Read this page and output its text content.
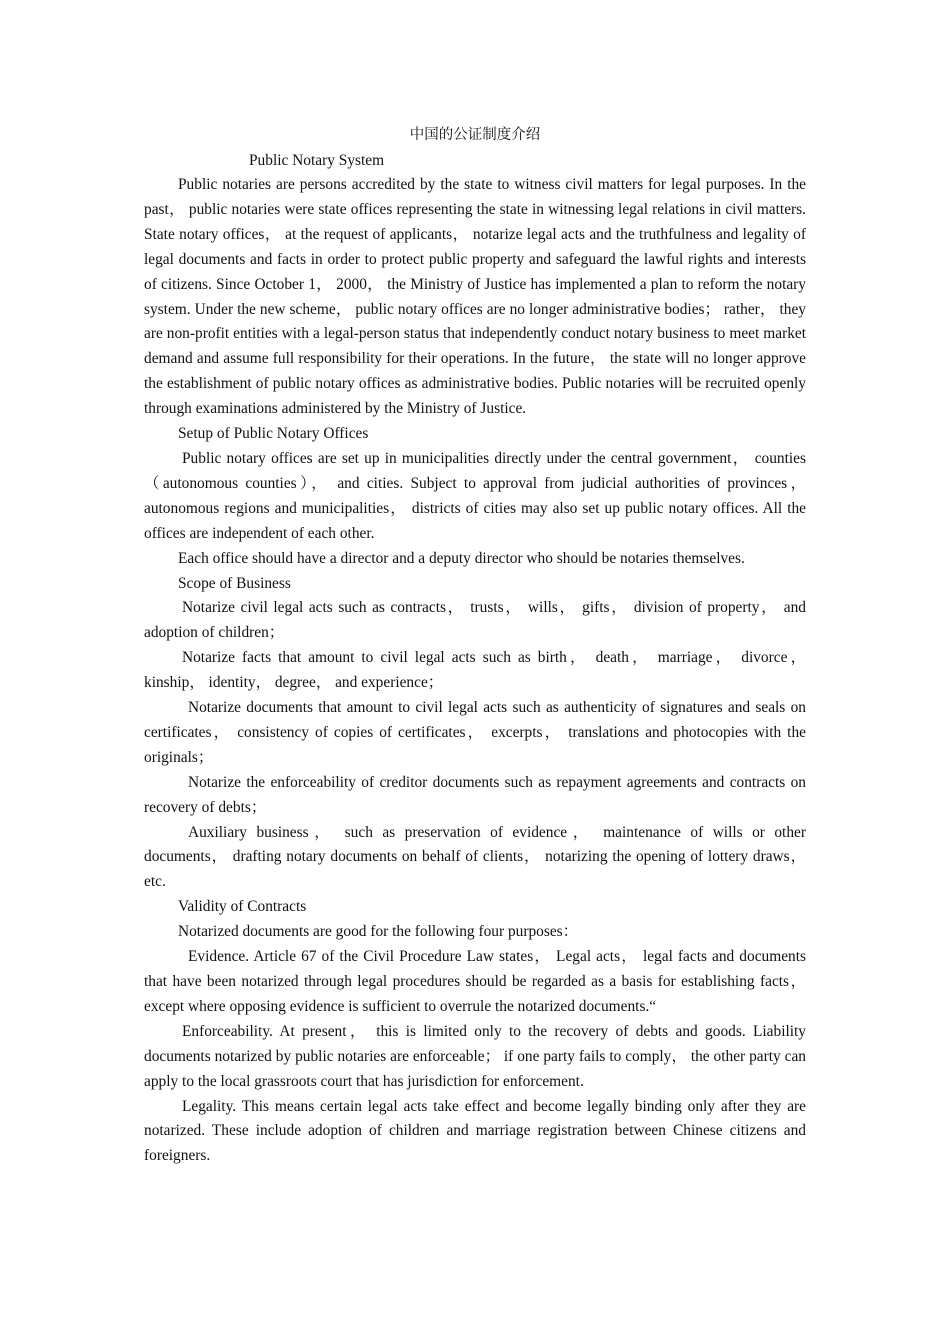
中国的公证制度介绍

Public Notary System

Public notaries are persons accredited by the state to witness civil matters for legal purposes. In the past， public notaries were state offices representing the state in witnessing legal relations in civil matters. State notary offices， at the request of applicants， notarize legal acts and the truthfulness and legality of legal documents and facts in order to protect public property and safeguard the lawful rights and interests of citizens. Since October 1， 2000， the Ministry of Justice has implemented a plan to reform the notary system. Under the new scheme， public notary offices are no longer administrative bodies； rather， they are non-profit entities with a legal-person status that independently conduct notary business to meet market demand and assume full responsibility for their operations. In the future， the state will no longer approve the establishment of public notary offices as administrative bodies. Public notaries will be recruited openly through examinations administered by the Ministry of Justice.

Setup of Public Notary Offices

Public notary offices are set up in municipalities directly under the central government， counties （autonomous counties）， and cities. Subject to approval from judicial authorities of provinces， autonomous regions and municipalities， districts of cities may also set up public notary offices. All the offices are independent of each other.

Each office should have a director and a deputy director who should be notaries themselves.

Scope of Business

Notarize civil legal acts such as contracts， trusts， wills， gifts， division of property， and adoption of children；

Notarize facts that amount to civil legal acts such as birth， death， marriage， divorce， kinship， identity， degree， and experience；

Notarize documents that amount to civil legal acts such as authenticity of signatures and seals on certificates， consistency of copies of certificates， excerpts， translations and photocopies with the originals；

Notarize the enforceability of creditor documents such as repayment agreements and contracts on recovery of debts；

Auxiliary business， such as preservation of evidence， maintenance of wills or other documents， drafting notary documents on behalf of clients， notarizing the opening of lottery draws， etc.

Validity of Contracts

Notarized documents are good for the following four purposes：

Evidence. Article 67 of the Civil Procedure Law states， Legal acts， legal facts and documents that have been notarized through legal procedures should be regarded as a basis for establishing facts， except where opposing evidence is sufficient to overrule the notarized documents.“

Enforceability. At present， this is limited only to the recovery of debts and goods. Liability documents notarized by public notaries are enforceable； if one party fails to comply， the other party can apply to the local grassroots court that has jurisdiction for enforcement.

Legality. This means certain legal acts take effect and become legally binding only after they are notarized. These include adoption of children and marriage registration between Chinese citizens and foreigners.
